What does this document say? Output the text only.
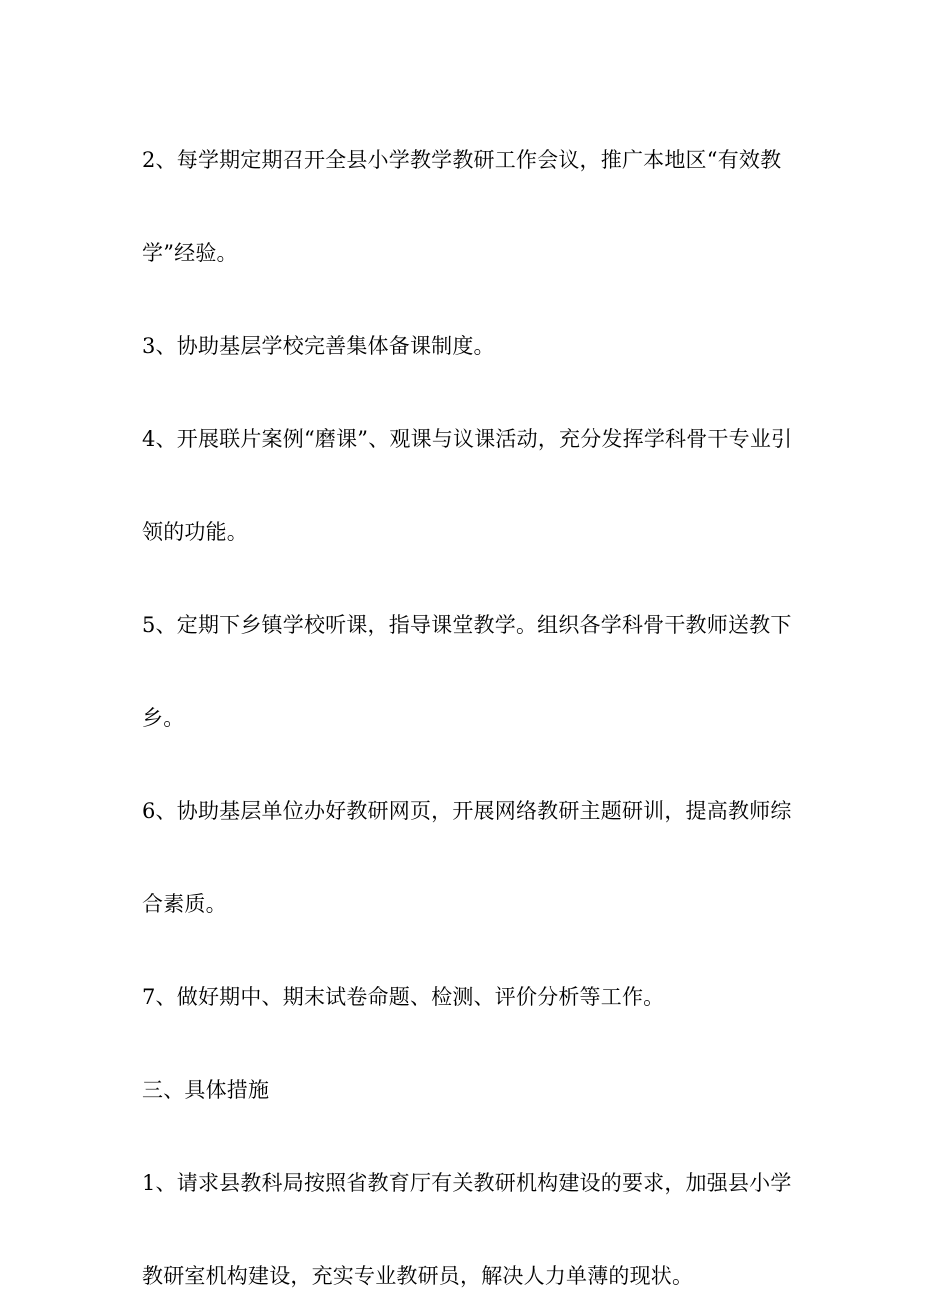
2、每学期定期召开全县小学教学教研工作会议，推广本地区“有效教

学”经验。

3、协助基层学校完善集体备课制度。

4、开展联片案例“磨课”、观课与议课活动，充分发挥学科骨干专业引

领的功能。

5、定期下乡镇学校听课，指导课堂教学。组织各学科骨干教师送教下

乡。

6、协助基层单位办好教研网页，开展网络教研主题研训，提高教师综

合素质。

7、做好期中、期末试卷命题、检测、评价分析等工作。

三、具体措施

1、请求县教科局按照省教育厅有关教研机构建设的要求，加强县小学

教研室机构建设，充实专业教研员，解决人力单薄的现状。
